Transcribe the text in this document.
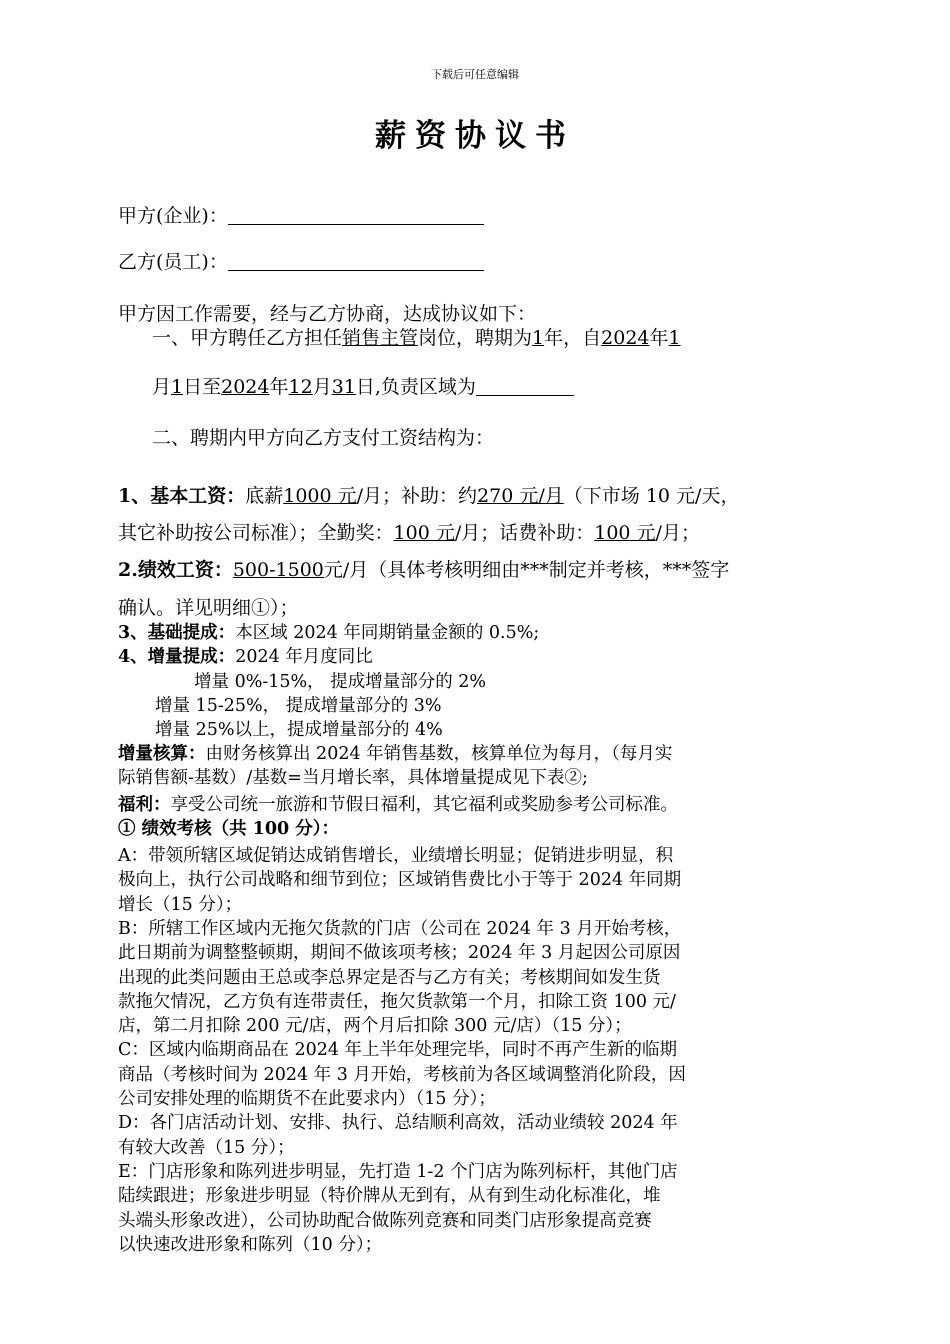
下载后可任意编辑
薪资协议书
甲方(企业)：
乙方(员工)：
甲方因工作需要，经与乙方协商，达成协议如下：
一、甲方聘任乙方担任销售主管岗位，聘期为1年，自2024年1
月1日至2024年12月31日,负责区域为
二、聘期内甲方向乙方支付工资结构为：
1、基本工资：底薪1000 元/月；补助：约270 元/月（下市场 10 元/天，
其它补助按公司标准）；全勤奖：100 元/月；话费补助：100 元/月；
2.绩效工资：500-1500元/月（具体考核明细由***制定并考核，***签字
确认。详见明细①）；
3、基础提成：本区域 2024 年同期销量金额的 0.5%;
4、增量提成：2024 年月度同比
增量 0%-15%， 提成增量部分的 2%
增量 15-25%， 提成增量部分的 3%
增量 25%以上，提成增量部分的 4%
增量核算：由财务核算出 2024 年销售基数，核算单位为每月，（每月实
际销售额-基数）/基数=当月增长率，具体增量提成见下表②;
福利：享受公司统一旅游和节假日福利，其它福利或奖励参考公司标准。
① 绩效考核（共 100 分）：
A：带领所辖区域促销达成销售增长，业绩增长明显；促销进步明显，积
极向上，执行公司战略和细节到位；区域销售费比小于等于 2024 年同期
增长（15 分）；
B：所辖工作区域内无拖欠货款的门店（公司在 2024 年 3 月开始考核，
此日期前为调整整顿期，期间不做该项考核；2024 年 3 月起因公司原因
出现的此类问题由王总或李总界定是否与乙方有关；考核期间如发生货
款拖欠情况，乙方负有连带责任，拖欠货款第一个月，扣除工资 100 元/
店，第二月扣除 200 元/店，两个月后扣除 300 元/店）（15 分）；
C：区域内临期商品在 2024 年上半年处理完毕，同时不再产生新的临期
商品（考核时间为 2024 年 3 月开始，考核前为各区域调整消化阶段，因
公司安排处理的临期货不在此要求内）（15 分）；
D：各门店活动计划、安排、执行、总结顺利高效，活动业绩较 2024 年
有较大改善（15 分）；
E：门店形象和陈列进步明显，先打造 1-2 个门店为陈列标杆，其他门店
陆续跟进；形象进步明显（特价牌从无到有，从有到生动化标准化，堆
头端头形象改进），公司协助配合做陈列竞赛和同类门店形象提高竞赛
以快速改进形象和陈列（10 分）；
